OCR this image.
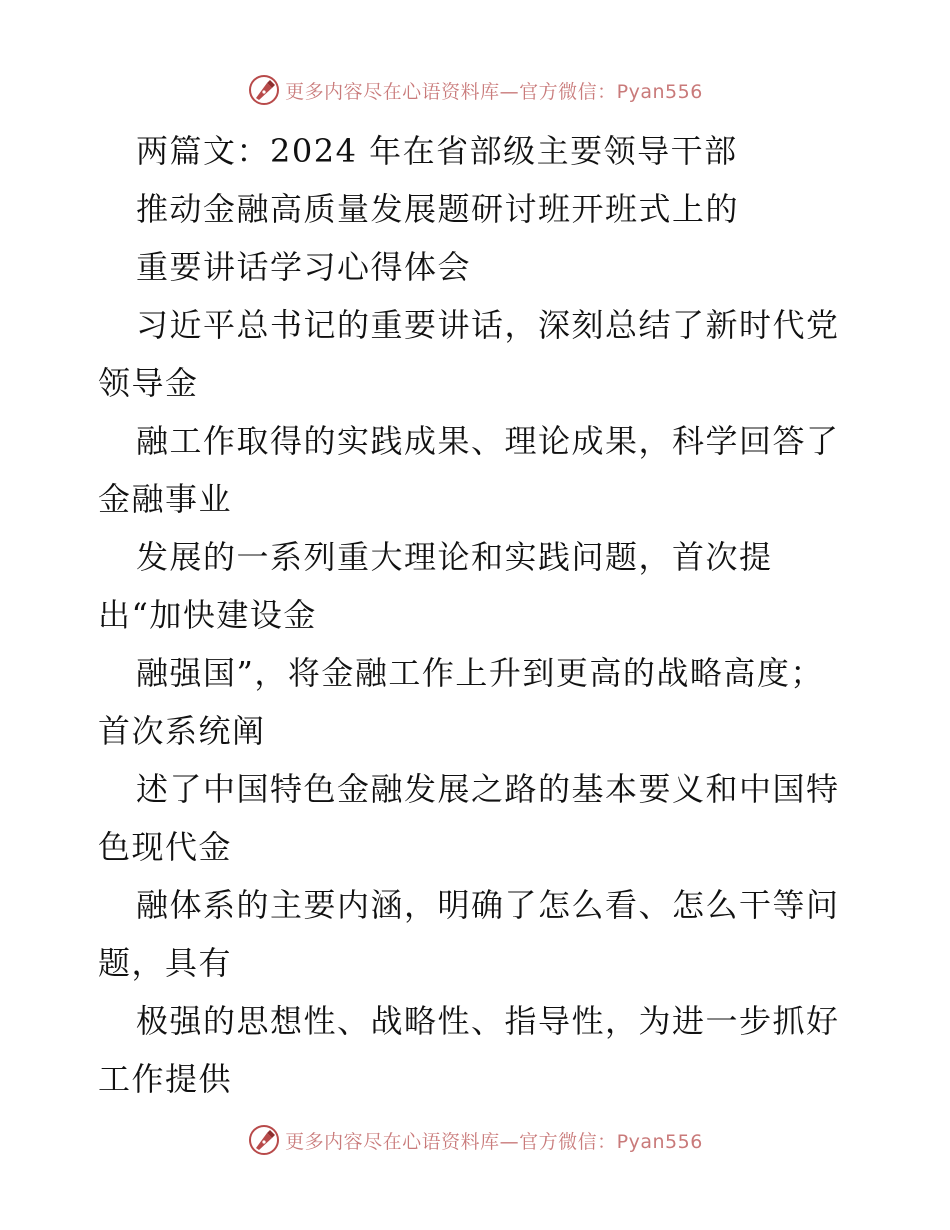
更多内容尽在心语资料库—官方微信：Pyan556

两篇文：2024 年在省部级主要领导干部

推动金融高质量发展题研讨班开班式上的

重要讲话学习心得体会

习近平总书记的重要讲话，深刻总结了新时代党

领导金

融工作取得的实践成果、理论成果，科学回答了

金融事业

发展的一系列重大理论和实践问题，首次提

出“加快建设金

融强国”，将金融工作上升到更高的战略高度；

首次系统阐

述了中国特色金融发展之路的基本要义和中国特

色现代金

融体系的主要内涵，明确了怎么看、怎么干等问

题，具有

极强的思想性、战略性、指导性，为进一步抓好

工作提供

更多内容尽在心语资料库—官方微信：Pyan556
